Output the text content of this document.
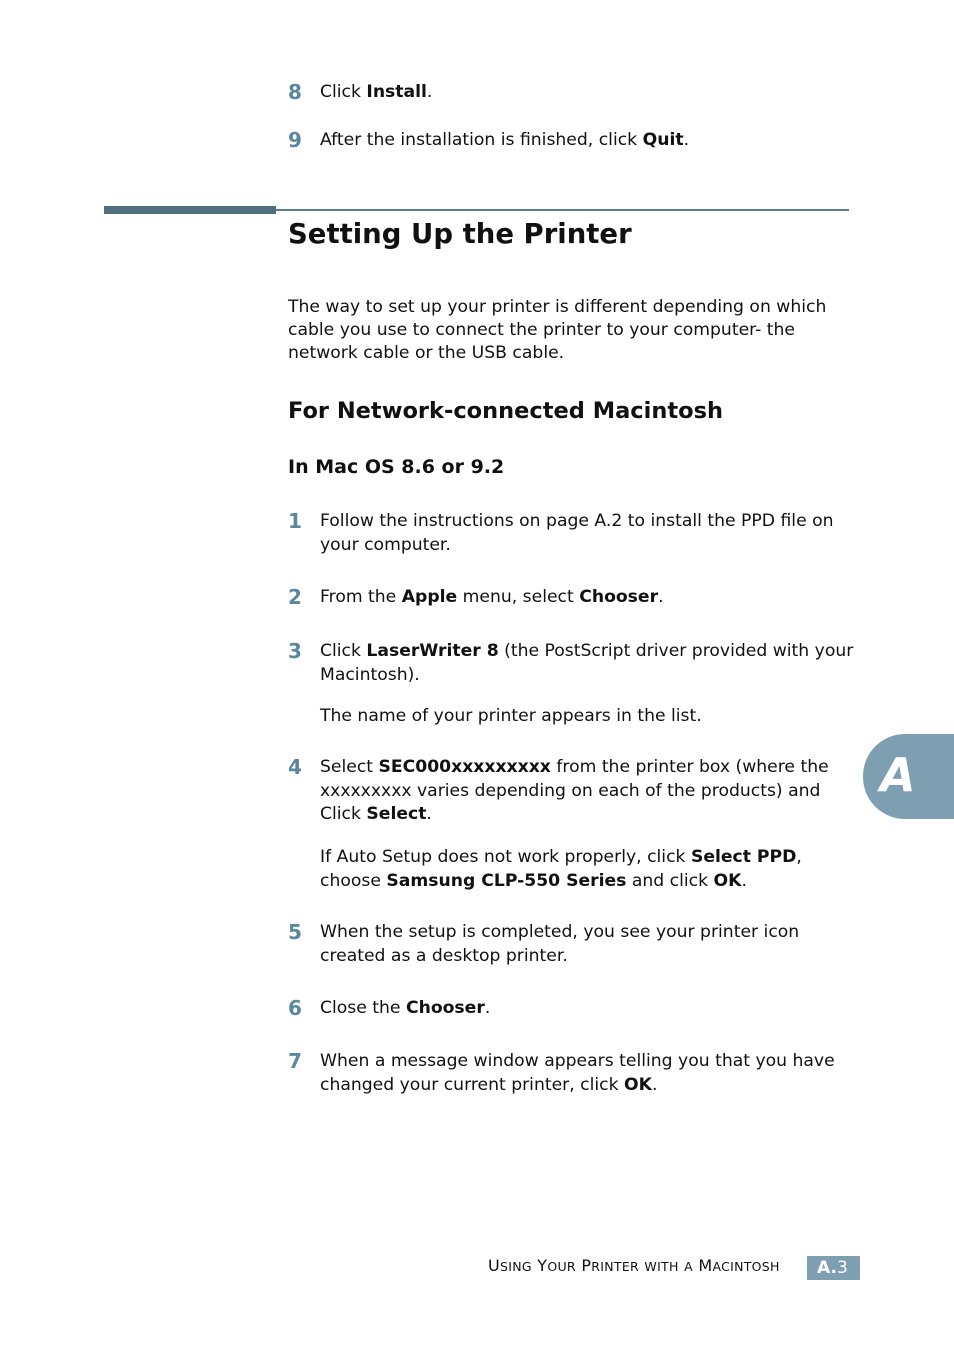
8 Click Install.
9 After the installation is finished, click Quit.
Setting Up the Printer
The way to set up your printer is different depending on which cable you use to connect the printer to your computer- the network cable or the USB cable.
For Network-connected Macintosh
In Mac OS 8.6 or 9.2
1 Follow the instructions on page A.2 to install the PPD file on your computer.
2 From the Apple menu, select Chooser.
3 Click LaserWriter 8 (the PostScript driver provided with your Macintosh).
The name of your printer appears in the list.
4 Select SEC000xxxxxxxxx from the printer box (where the xxxxxxxxx varies depending on each of the products) and Click Select.
If Auto Setup does not work properly, click Select PPD, choose Samsung CLP-550 Series and click OK.
5 When the setup is completed, you see your printer icon created as a desktop printer.
6 Close the Chooser.
7 When a message window appears telling you that you have changed your current printer, click OK.
A
USING YOUR PRINTER WITH A MACINTOSH	A.3
